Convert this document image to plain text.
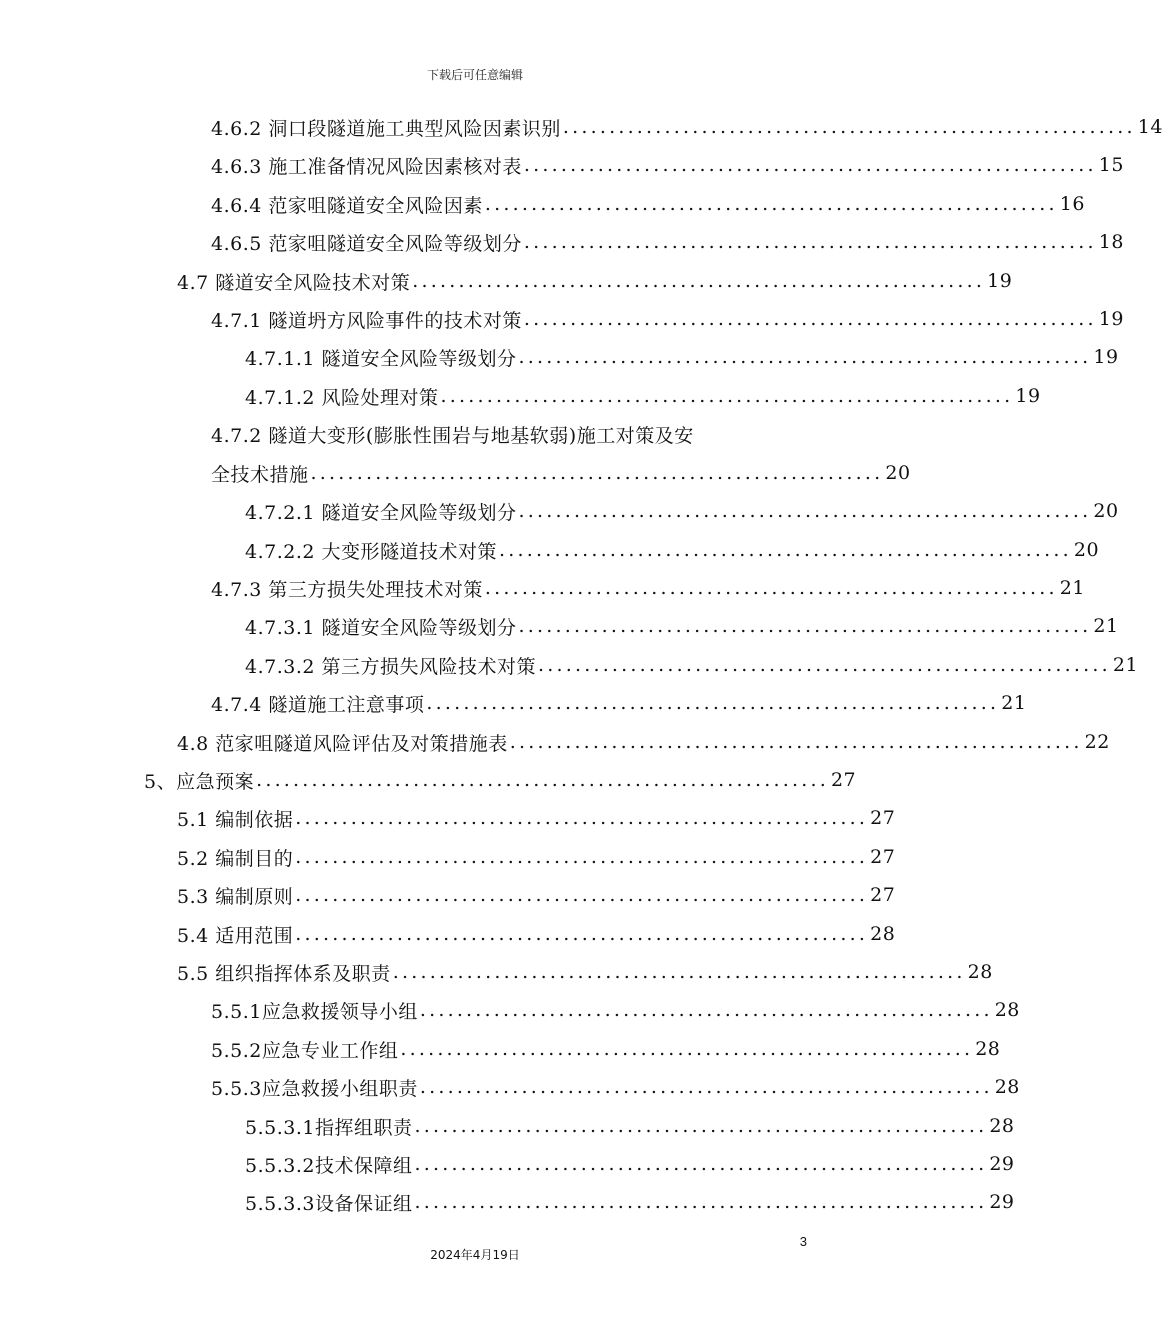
下载后可任意编辑
4.6.2 洞口段隧道施工典型风险因素识别 .............................................................. 14
4.6.3 施工准备情况风险因素核对表 .............................................................. 15
4.6.4 范家咀隧道安全风险因素 .............................................................. 16
4.6.5 范家咀隧道安全风险等级划分 .............................................................. 18
4.7 隧道安全风险技术对策 .............................................................. 19
4.7.1 隧道坍方风险事件的技术对策 .............................................................. 19
4.7.1.1 隧道安全风险等级划分 .............................................................. 19
4.7.1.2 风险处理对策 .............................................................. 19
4.7.2 隧道大变形(膨胀性围岩与地基软弱)施工对策及安
全技术措施 .............................................................. 20
4.7.2.1 隧道安全风险等级划分 .............................................................. 20
4.7.2.2 大变形隧道技术对策 .............................................................. 20
4.7.3 第三方损失处理技术对策 .............................................................. 21
4.7.3.1 隧道安全风险等级划分 .............................................................. 21
4.7.3.2 第三方损失风险技术对策 .............................................................. 21
4.7.4 隧道施工注意事项 .............................................................. 21
4.8 范家咀隧道风险评估及对策措施表 .............................................................. 22
5、应急预案 .............................................................. 27
5.1 编制依据 .............................................................. 27
5.2 编制目的 .............................................................. 27
5.3 编制原则 .............................................................. 27
5.4 适用范围 .............................................................. 28
5.5 组织指挥体系及职责 .............................................................. 28
5.5.1应急救援领导小组 .............................................................. 28
5.5.2应急专业工作组 .............................................................. 28
5.5.3应急救援小组职责 .............................................................. 28
5.5.3.1指挥组职责 .............................................................. 28
5.5.3.2技术保障组 .............................................................. 29
5.5.3.3设备保证组 .............................................................. 29
3
2024年4月19日
